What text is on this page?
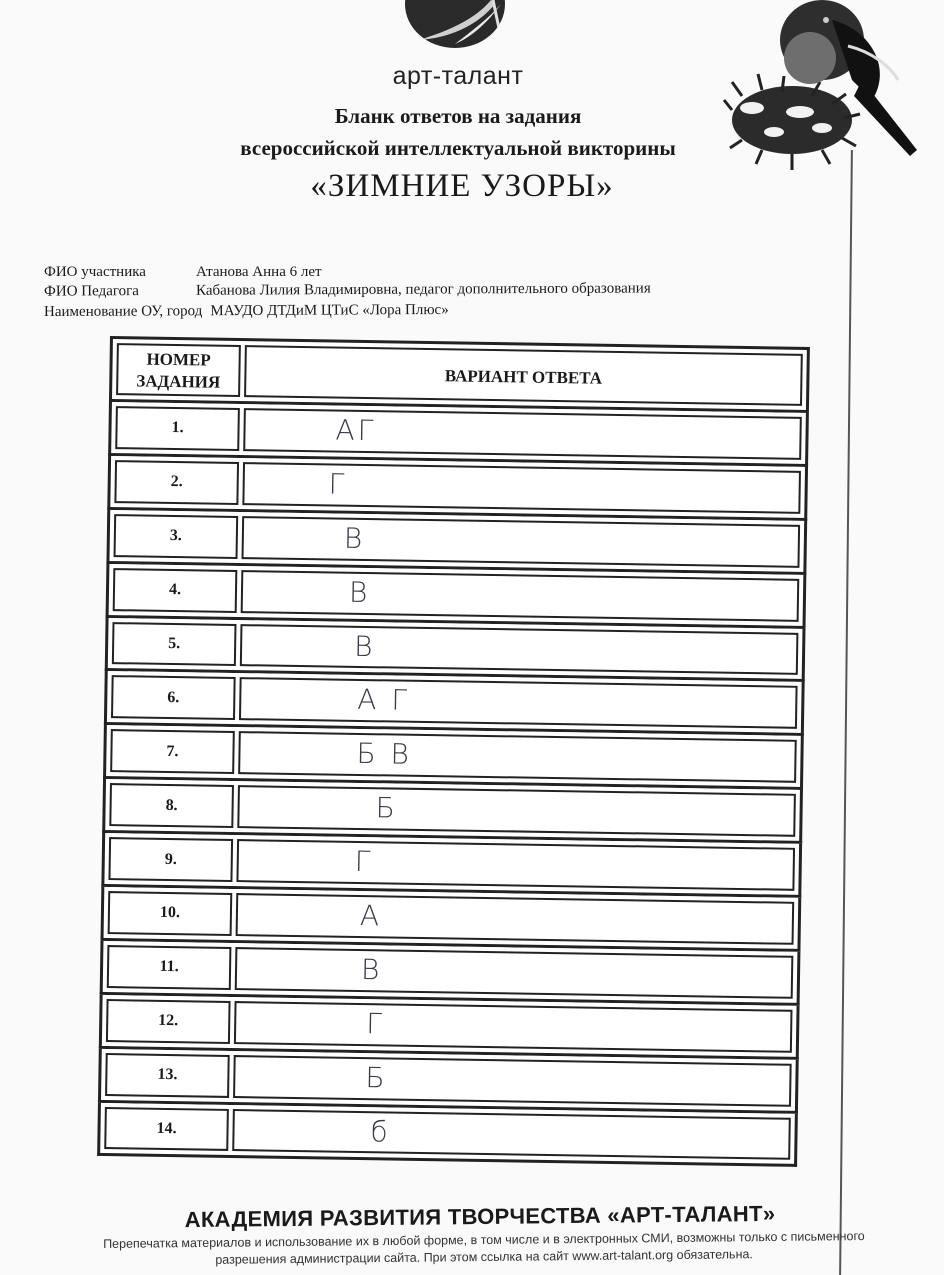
арт-талант
Бланк ответов на задания
всероссийской интеллектуальной викторины
«ЗИМНИЕ УЗОРЫ»
ФИО участника	Атанова Анна 6 лет
ФИО Педагога	Кабанова Лилия Владимировна, педагог дополнительного образования
Наименование ОУ, город МАУДО ДТДиМ ЦТиС «Лора Плюс»
НОМЕР
ЗАДАНИЯ	ВАРИАНТ ОТВЕТА
1.	АГ
2.	Г
3.	В
4.	В
5.	В
6.	А Г
7.	Б В
8.	Б
9.	Г
10.	А
11.	В
12.	Г
13.	Б
14.	б
АКАДЕМИЯ РАЗВИТИЯ ТВОРЧЕСТВА «АРТ-ТАЛАНТ»
Перепечатка материалов и использование их в любой форме, в том числе и в электронных СМИ, возможны только с письменного разрешения администрации сайта. При этом ссылка на сайт www.art-talant.org обязательна.
